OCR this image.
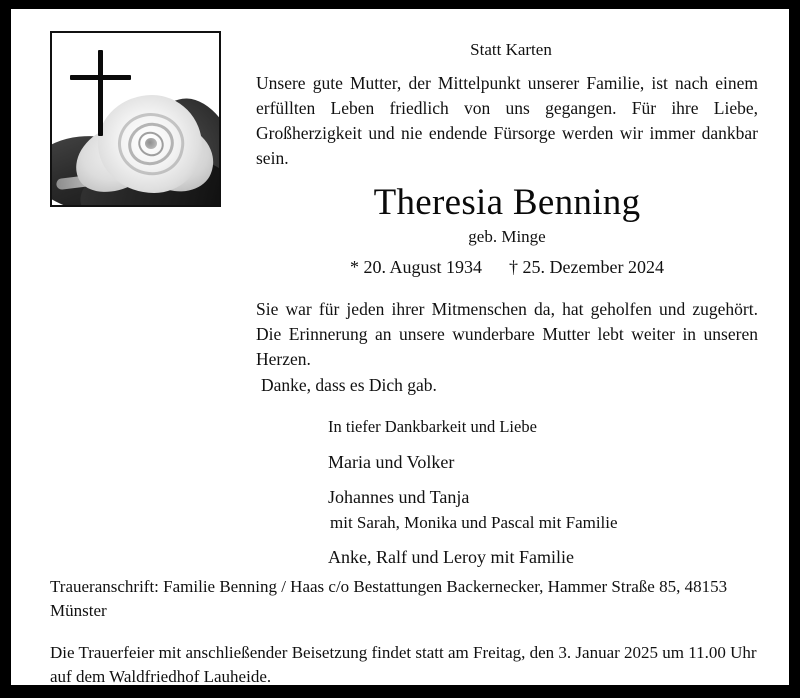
Statt Karten
Unsere gute Mutter, der Mittelpunkt unserer Familie, ist nach einem erfüllten Leben friedlich von uns gegangen. Für ihre Liebe, Großherzigkeit und nie endende Fürsorge werden wir immer dankbar sein.
Theresia Benning
geb. Minge
* 20. August 1934      † 25. Dezember 2024
Sie war für jeden ihrer Mitmenschen da, hat geholfen und zugehört. Die Erinnerung an unsere wunderbare Mutter lebt weiter in unseren Herzen.
Danke, dass es Dich gab.
In tiefer Dankbarkeit und Liebe
Maria und Volker
Johannes und Tanja
mit Sarah, Monika und Pascal mit Familie
Anke, Ralf und Leroy mit Familie
Traueranschrift: Familie Benning / Haas c/o Bestattungen Backernecker, Hammer Straße 85, 48153 Münster
Die Trauerfeier mit anschließender Beisetzung findet statt am Freitag, den 3. Januar 2025 um 11.00 Uhr auf dem Waldfriedhof Lauheide.
